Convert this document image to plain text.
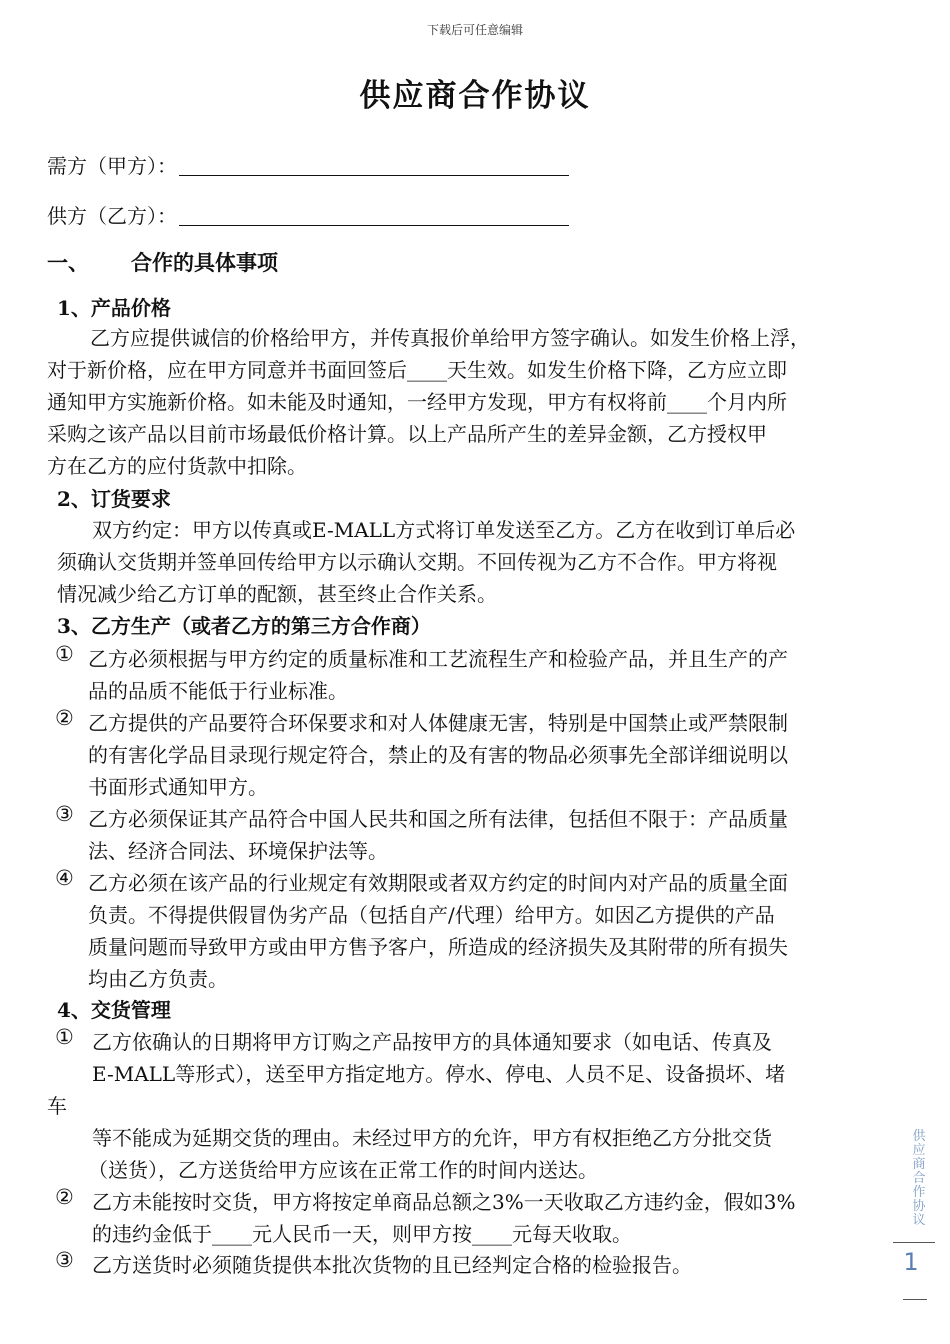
下载后可任意编辑
供应商合作协议
需方（甲方）：
供方（乙方）：
一、 合作的具体事项
1、产品价格
乙方应提供诚信的价格给甲方，并传真报价单给甲方签字确认。如发生价格上浮，
对于新价格，应在甲方同意并书面回签后____天生效。如发生价格下降，乙方应立即
通知甲方实施新价格。如未能及时通知，一经甲方发现，甲方有权将前____个月内所
采购之该产品以目前市场最低价格计算。以上产品所产生的差异金额，乙方授权甲
方在乙方的应付货款中扣除。
2、订货要求
双方约定：甲方以传真或E-MALL方式将订单发送至乙方。乙方在收到订单后必
须确认交货期并签单回传给甲方以示确认交期。不回传视为乙方不合作。甲方将视
情况减少给乙方订单的配额，甚至终止合作关系。
3、乙方生产（或者乙方的第三方合作商）
① 乙方必须根据与甲方约定的质量标准和工艺流程生产和检验产品，并且生产的产
品的品质不能低于行业标准。
② 乙方提供的产品要符合环保要求和对人体健康无害，特别是中国禁止或严禁限制
的有害化学品目录现行规定符合，禁止的及有害的物品必须事先全部详细说明以
书面形式通知甲方。
③ 乙方必须保证其产品符合中国人民共和国之所有法律，包括但不限于：产品质量
法、经济合同法、环境保护法等。
④ 乙方必须在该产品的行业规定有效期限或者双方约定的时间内对产品的质量全面
负责。不得提供假冒伪劣产品（包括自产/代理）给甲方。如因乙方提供的产品
质量问题而导致甲方或由甲方售予客户，所造成的经济损失及其附带的所有损失
均由乙方负责。
4、交货管理
① 乙方依确认的日期将甲方订购之产品按甲方的具体通知要求（如电话、传真及
E-MALL等形式），送至甲方指定地方。停水、停电、人员不足、设备损坏、堵
车
等不能成为延期交货的理由。未经过甲方的允许，甲方有权拒绝乙方分批交货
（送货），乙方送货给甲方应该在正常工作的时间内送达。
② 乙方未能按时交货，甲方将按定单商品总额之3%一天收取乙方违约金，假如3%
的违约金低于____元人民币一天，则甲方按____元每天收取。
③ 乙方送货时必须随货提供本批次货物的且已经判定合格的检验报告。
供应商合作协议
1
